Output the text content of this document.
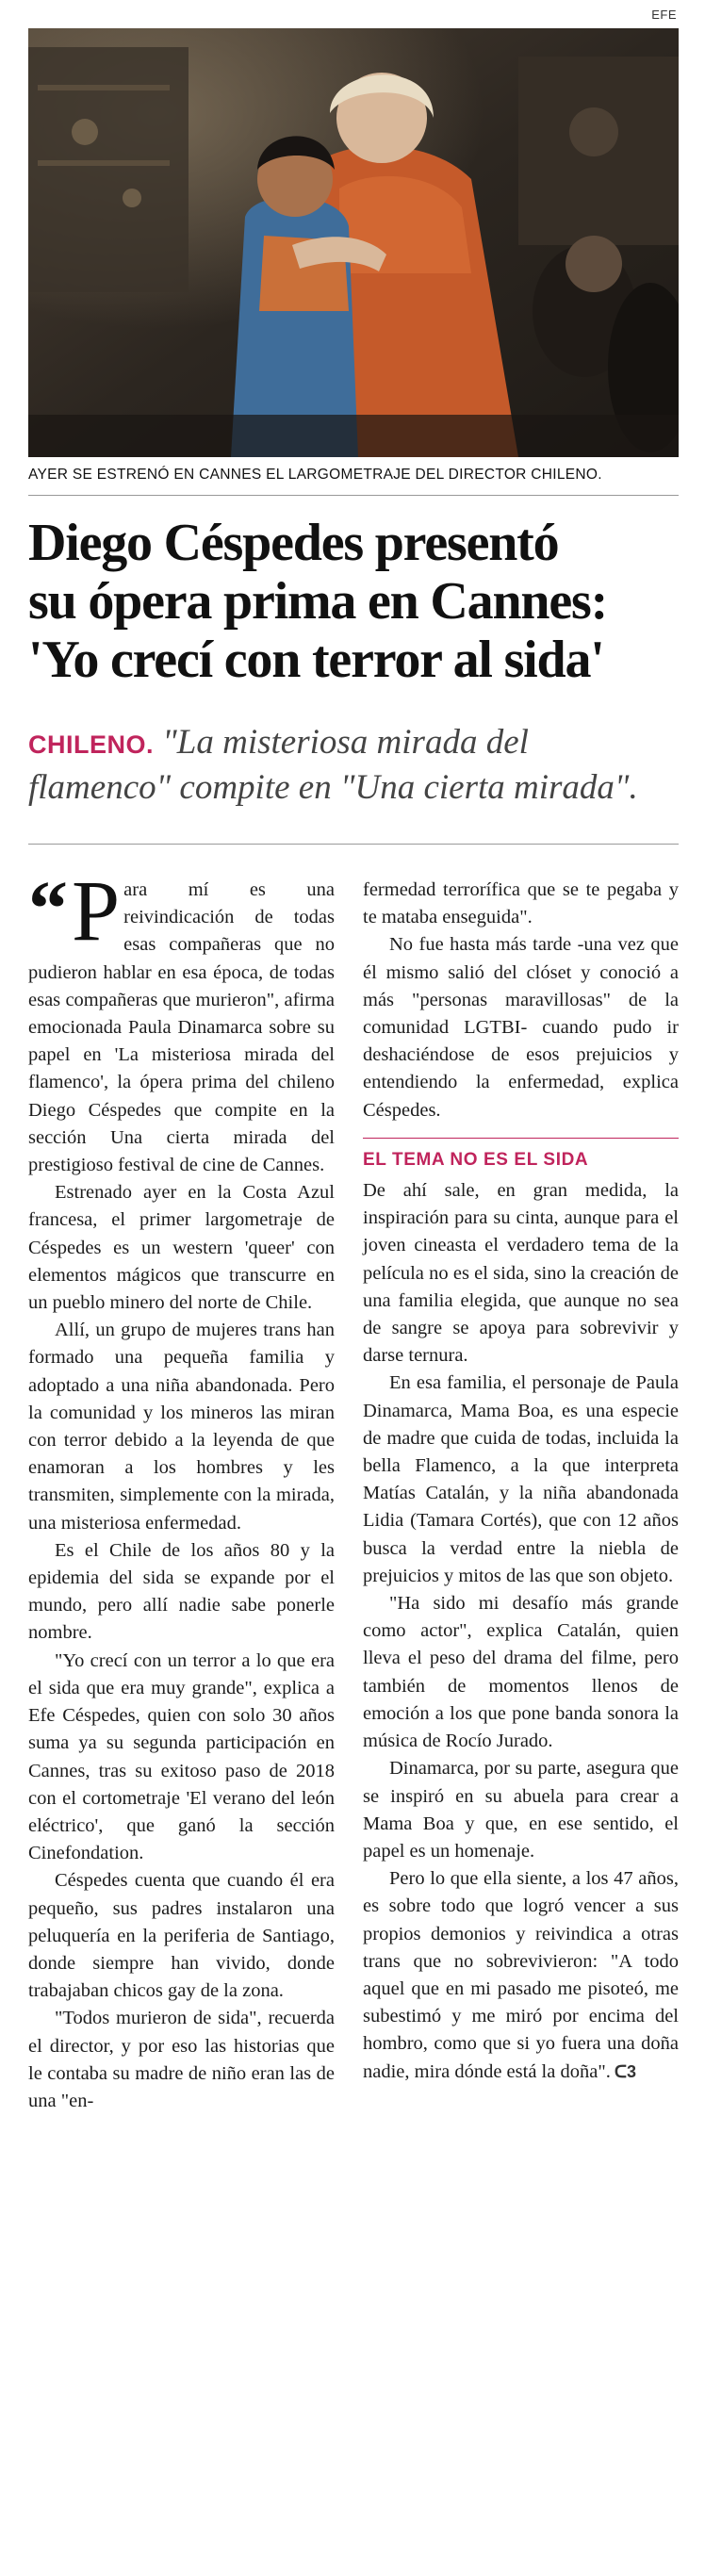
EFE
AYER SE ESTRENÓ EN CANNES EL LARGOMETRAJE DEL DIRECTOR CHILENO.
Diego Céspedes presentó
su ópera prima en Cannes:
'Yo crecí con terror al sida'

CHILENO. "La misteriosa mirada del flamenco" compite en "Una cierta mirada".

“ P ara mí es una reivindicación de todas esas compañeras que no pudieron hablar en esa época, de todas esas compañeras que murieron", afirma emocionada Paula Dinamarca sobre su papel en 'La misteriosa mirada del flamenco', la ópera prima del chileno Diego Céspedes que compite en la sección Una cierta mirada del prestigioso festival de cine de Cannes.

Estrenado ayer en la Costa Azul francesa, el primer largometraje de Céspedes es un western 'queer' con elementos mágicos que transcurre en un pueblo minero del norte de Chile.

Allí, un grupo de mujeres trans han formado una pequeña familia y adoptado a una niña abandonada. Pero la comunidad y los mineros las miran con terror debido a la leyenda de que enamoran a los hombres y les transmiten, simplemente con la mirada, una misteriosa enfermedad.

Es el Chile de los años 80 y la epidemia del sida se expande por el mundo, pero allí nadie sabe ponerle nombre.

"Yo crecí con un terror a lo que era el sida que era muy grande", explica a Efe Céspedes, quien con solo 30 años suma ya su segunda participación en Cannes, tras su exitoso paso de 2018 con el cortometraje 'El verano del león eléctrico', que ganó la sección Cinefondation.

Céspedes cuenta que cuando él era pequeño, sus padres instalaron una peluquería en la periferia de Santiago, donde siempre han vivido, donde trabajaban chicos gay de la zona.

"Todos murieron de sida", recuerda el director, y por eso las historias que le contaba su madre de niño eran las de una "en-

fermedad terrorífica que se te pegaba y te mataba enseguida".

No fue hasta más tarde -una vez que él mismo salió del clóset y conoció a más "personas maravillosas" de la comunidad LGTBI- cuando pudo ir deshaciéndose de esos prejuicios y entendiendo la enfermedad, explica Céspedes.

EL TEMA NO ES EL SIDA

De ahí sale, en gran medida, la inspiración para su cinta, aunque para el joven cineasta el verdadero tema de la película no es el sida, sino la creación de una familia elegida, que aunque no sea de sangre se apoya para sobrevivir y darse ternura.

En esa familia, el personaje de Paula Dinamarca, Mama Boa, es una especie de madre que cuida de todas, incluida la bella Flamenco, a la que interpreta Matías Catalán, y la niña abandonada Lidia (Tamara Cortés), que con 12 años busca la verdad entre la niebla de prejuicios y mitos de las que son objeto.

"Ha sido mi desafío más grande como actor", explica Catalán, quien lleva el peso del drama del filme, pero también de momentos llenos de emoción a los que pone banda sonora la música de Rocío Jurado.

Dinamarca, por su parte, asegura que se inspiró en su abuela para crear a Mama Boa y que, en ese sentido, el papel es un homenaje.

Pero lo que ella siente, a los 47 años, es sobre todo que logró vencer a sus propios demonios y reivindica a otras trans que no sobrevivieron: "A todo aquel que en mi pasado me pisoteó, me subestimó y me miró por encima del hombro, como que si yo fuera una doña nadie, mira dónde está la doña". ᑕ3
